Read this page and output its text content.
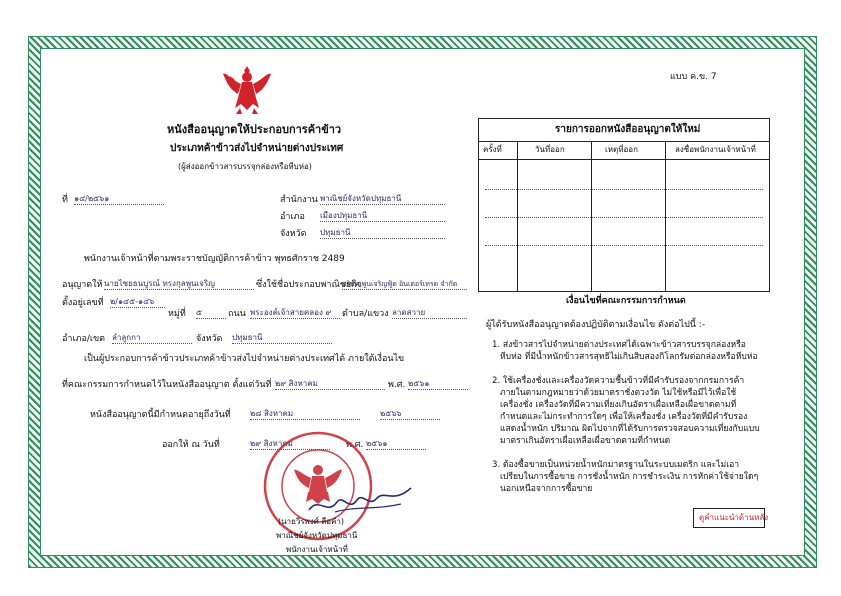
แบบ ค.ข. 7
หนังสืออนุญาตให้ประกอบการค้าข้าว
ประเภทค้าข้าวส่งไปจำหน่ายต่างประเทศ
(ผู้ส่งออกข้าวสารบรรจุกล่องหรือหีบห่อ)
ที่ ๑๔/๒๕๖๑	สำนักงาน พาณิชย์จังหวัดปทุมธานี
อำเภอ เมืองปทุมธานี
จังหวัด ปทุมธานี
พนักงานเจ้าหน้าที่ตามพระราชบัญญัติการค้าข้าว พุทธศักราช 2489
อนุญาตให้ นายไชยธนบูรณ์ ทรงกุลพูนเจริญ	ซึ่งใช้ชื่อประกอบพาณิชยกิจ
บริษัท พูนเจริญฟู้ด อินเตอร์เทรด จำกัด
ตั้งอยู่เลขที่ ๒/๑๔๕-๑๔๖
หมู่ที่ ๕	ถนน พระองค์เจ้าสายคลอง ๙	ตำบล/แขวง ลาดสวาย
อำเภอ/เขต ลำลูกกา	จังหวัด ปทุมธานี
เป็นผู้ประกอบการค้าข้าวประเภทค้าข้าวส่งไปจำหน่ายต่างประเทศได้ ภายใต้เงื่อนไข
ที่คณะกรรมการกำหนดไว้ในหนังสืออนุญาต ตั้งแต่วันที่ ๒๙ สิงหาคม	พ.ศ. ๒๕๖๑
หนังสืออนุญาตนี้มีกำหนดอายุถึงวันที่ ๒๘ สิงหาคม	๒๕๖๖
ออกให้ ณ วันที่	๒๙ สิงหาคม	พ.ศ. ๒๕๖๑
(นายวีรพงศ์ ลือคำ)
พาณิชย์จังหวัดปทุมธานี
พนักงานเจ้าหน้าที่
รายการออกหนังสืออนุญาตให้ใหม่
ครั้งที่	วันที่ออก	เหตุที่ออก	ลงชื่อพนักงานเจ้าหน้าที่
เงื่อนไขที่คณะกรรมการกำหนด
ผู้ได้รับหนังสืออนุญาตต้องปฏิบัติตามเงื่อนไข ดังต่อไปนี้ :-
1. ส่งข้าวสารไปจำหน่ายต่างประเทศได้เฉพาะข้าวสารบรรจุกล่องหรือ
หีบห่อ ที่มีน้ำหนักข้าวสารสุทธิไม่เกินสิบสองกิโลกรัมต่อกล่องหรือหีบห่อ
2. ใช้เครื่องชั่งและเครื่องวัดความชื้นข้าวที่มีคำรับรองจากกรมการค้า
ภายในตามกฎหมายว่าด้วยมาตราชั่งตวงวัด ไม่ใช้หรือมีไว้เพื่อใช้
เครื่องชั่ง เครื่องวัดที่มีความเที่ยงเกินอัตราเผื่อเหลือเผื่อขาดตามที่
กำหนดและไม่กระทำการใดๆ เพื่อให้เครื่องชั่ง เครื่องวัดที่มีคำรับรอง
แสดงน้ำหนัก ปริมาณ ผิดไปจากที่ได้รับการตรวจสอบความเที่ยงกับแบบ
มาตราเกินอัตราเผื่อเหลือเผื่อขาดตามที่กำหนด
3. ต้องซื้อขายเป็นหน่วยน้ำหนักมาตรฐานในระบบเมตริก และไม่เอา
เปรียบในการซื้อขาย การชั่งน้ำหนัก การชำระเงิน การหักค่าใช้จ่ายใดๆ
นอกเหนือจากการซื้อขาย
ดูคำแนะนำด้านหลัง
